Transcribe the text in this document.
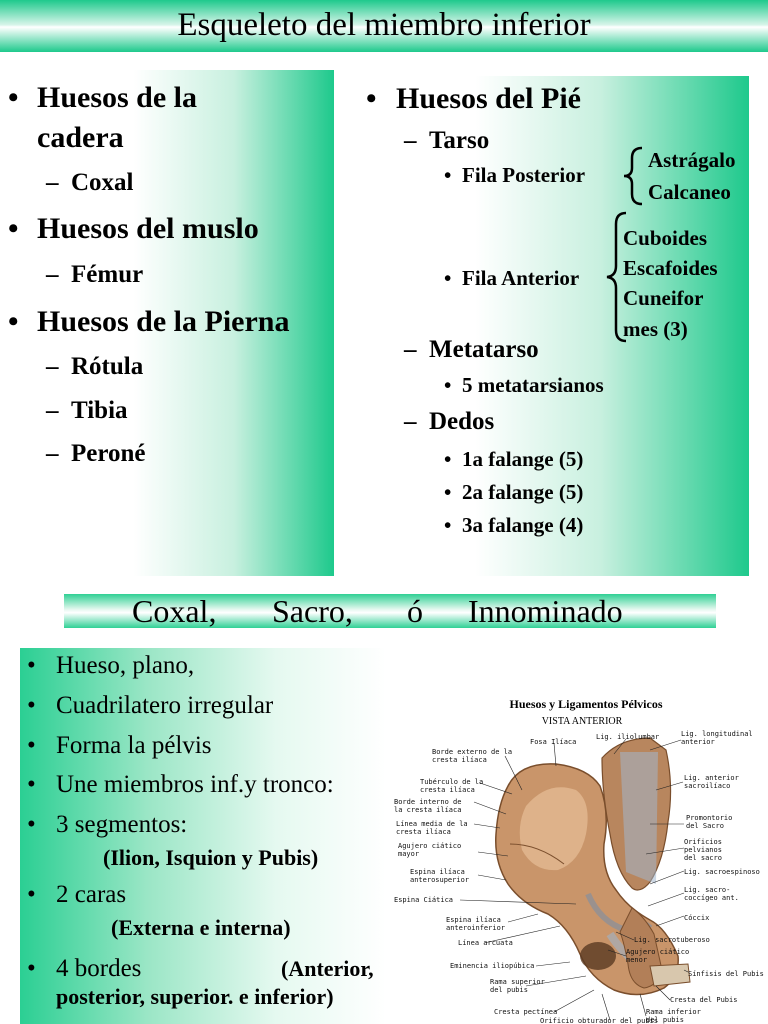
Esqueleto del miembro inferior
• Huesos de la
cadera
– Coxal
• Huesos del muslo
– Fémur
• Huesos de la Pierna
– Rótula
– Tibia
– Peroné
• Huesos del Pié
– Tarso
• Fila Posterior
Astrágalo
Calcaneo
• Fila Anterior
Cuboides
Escafoides
Cuneifor
mes (3)
– Metatarso
• 5 metatarsianos
– Dedos
• 1a falange (5)
• 2a falange (5)
• 3a falange (4)
Coxal, Sacro, ó Innominado
• Hueso, plano,
• Cuadrilatero irregular
• Forma la pélvis
• Une miembros inf.y tronco:
• 3 segmentos:
(Ilion, Isquion y Pubis)
• 2 caras
(Externa e interna)
• 4 bordes	(Anterior,
posterior, superior. e inferior)
Huesos y Ligamentos Pélvicos
VISTA ANTERIOR
Borde externo de la
cresta ilíaca
Fosa Ilíaca
Lig. iliolumbar	Lig. longitudinal
anterior
Tubérculo de la
cresta ilíaca
Borde interno de
la cresta ilíaca
Línea media de la
cresta ilíaca
Lig. anterior
sacroilíaco
Promontorio
del Sacro
Agujero ciático
mayor
Orificios
pelvianos
del sacro
Espina ilíaca
anterosuperior
Lig. sacroespinoso
Lig. sacro-
coccígeo ant.
Espina Ciática
Cóccix
Espina ilíaca
anteroinferior
Línea arcuata	Lig. sacrotuberoso
Agujero ciático
menor
Eminencia iliopúbica
Sínfisis del Pubis
Rama superior
del pubis
Cresta del Pubis
Rama inferior
del pubis
Cresta pectínea
Orificio obturador del pubis
